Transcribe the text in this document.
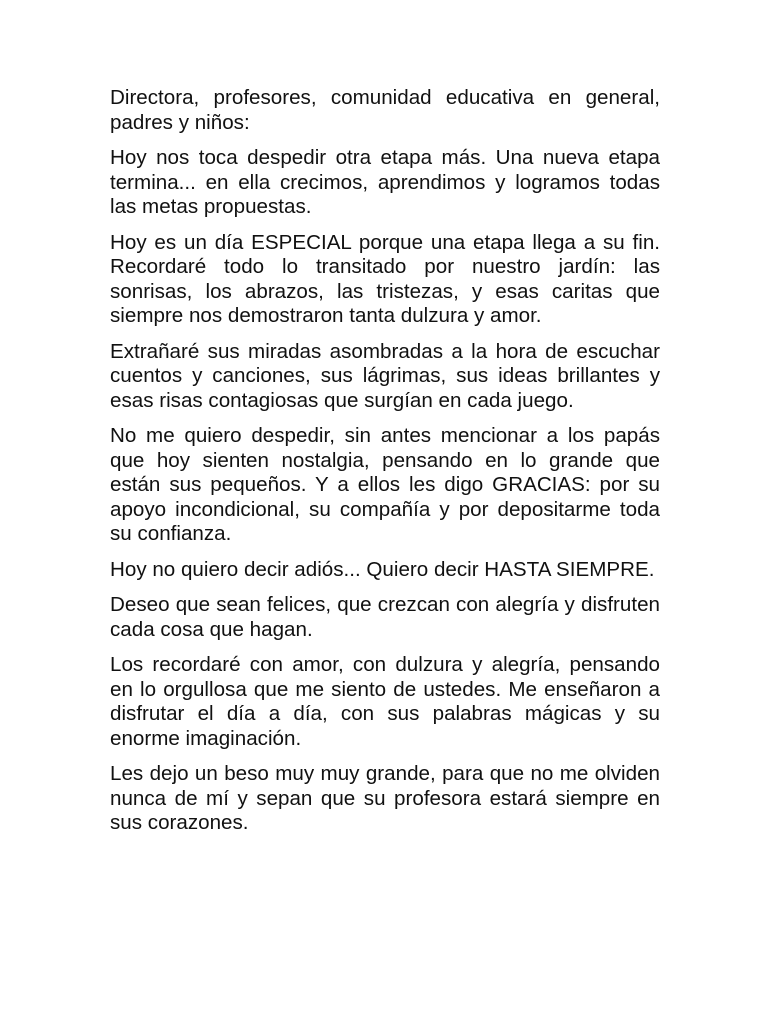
Directora, profesores, comunidad educativa en general, padres y niños:

Hoy nos toca despedir otra etapa más. Una nueva etapa termina... en ella crecimos, aprendimos y logramos todas las metas propuestas.

Hoy es un día ESPECIAL porque una etapa llega a su fin. Recordaré todo lo transitado por nuestro jardín: las sonrisas, los abrazos, las tristezas, y esas caritas que siempre nos demostraron tanta dulzura y amor.

Extrañaré sus miradas asombradas a la hora de escuchar cuentos y canciones, sus lágrimas, sus ideas brillantes y esas risas contagiosas que surgían en cada juego.

No me quiero despedir, sin antes mencionar a los papás que hoy sienten nostalgia, pensando en lo grande que están sus pequeños. Y a ellos les digo GRACIAS: por su apoyo incondicional, su compañía y por depositarme toda su confianza.

Hoy no quiero decir adiós... Quiero decir HASTA SIEMPRE.

Deseo que sean felices, que crezcan con alegría y disfruten cada cosa que hagan.

Los recordaré con amor, con dulzura y alegría, pensando en lo orgullosa que me siento de ustedes. Me enseñaron a disfrutar el día a día, con sus palabras mágicas y su enorme imaginación.

Les dejo un beso muy muy grande, para que no me olviden nunca de mí y sepan que su profesora estará siempre en sus corazones.
